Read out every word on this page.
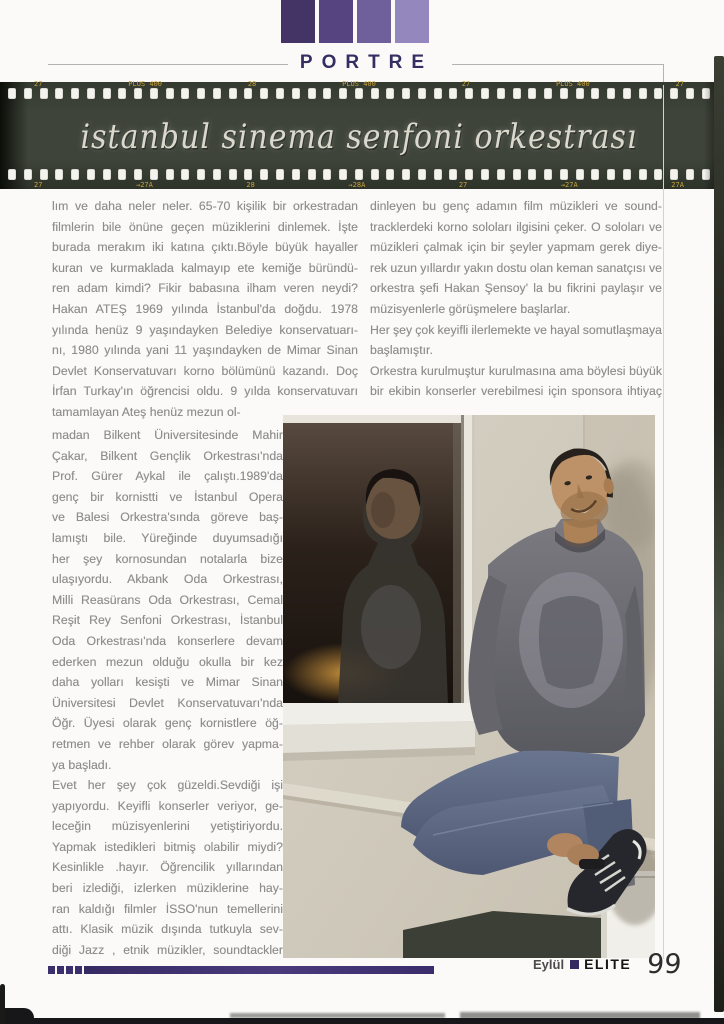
PORTRE
27	PLUS 400	28	PLUS 400	27	PLUS 400	27
istanbul sinema senfoni orkestrası
27	→27A	28	→28A	27	→27A	27A
lım ve daha neler neler. 65-70 kişilik bir orkestradan
filmlerin bile önüne geçen müziklerini dinlemek. İşte
burada merakım iki katına çıktı.Böyle büyük hayaller
kuran ve kurmaklada kalmayıp ete kemiğe büründü-
ren adam kimdi? Fikir babasına ilham veren neydi?
Hakan ATEŞ 1969 yılında İstanbul'da doğdu. 1978
yılında henüz 9 yaşındayken Belediye konservatuarı-
nı, 1980 yılında yani 11 yaşındayken de Mimar Sinan
Devlet Konservatuvarı korno bölümünü kazandı. Doç
İrfan Turkay'ın öğrencisi oldu. 9 yılda konservatuvarı
tamamlayan Ateş henüz mezun ol-
dinleyen bu genç adamın film müzikleri ve sound-
tracklerdeki korno soloları ilgisini çeker. O soloları ve
müzikleri çalmak için bir şeyler yapmam gerek diye-
rek uzun yıllardır yakın dostu olan keman sanatçısı ve
orkestra şefi Hakan Şensoy' la bu fikrini paylaşır ve
müzisyenlerle görüşmelere başlarlar.
Her şey çok keyifli ilerlemekte ve hayal somutlaşmaya
başlamıştır.
Orkestra kurulmuştur kurulmasına ama böylesi büyük
bir ekibin konserler verebilmesi için sponsora ihtiyaç
madan Bilkent Üniversitesinde Mahir
Çakar, Bilkent Gençlik Orkestrası'nda
Prof. Gürer Aykal ile çalıştı.1989'da
genç bir kornistti ve İstanbul Opera
ve Balesi Orkestra'sında göreve baş-
lamıştı bile. Yüreğinde duyumsadığı
her şey kornosundan notalarla bize
ulaşıyordu. Akbank Oda Orkestrası,
Milli Reasürans Oda Orkestrası, Cemal
Reşit Rey Senfoni Orkestrası, İstanbul
Oda Orkestrası'nda konserlere devam
ederken mezun olduğu okulla bir kez
daha yolları kesişti ve Mimar Sinan
Üniversitesi Devlet Konservatuvarı'nda
Öğr. Üyesi olarak genç kornistlere öğ-
retmen ve rehber olarak görev yapma-
ya başladı.
Evet her şey çok güzeldi.Sevdiği işi
yapıyordu. Keyifli konserler veriyor, ge-
leceğin müzisyenlerini yetiştiriyordu.
Yapmak istedikleri bitmiş olabilir miydi?
Kesinlikle .hayır. Öğrencilik yıllarından
beri izlediği, izlerken müziklerine hay-
ran kaldığı filmler İSSO'nun temellerini
attı. Klasik müzik dışında tutkuyla sev-
diği Jazz , etnik müzikler, soundtackler
Eylül ELITE 99
